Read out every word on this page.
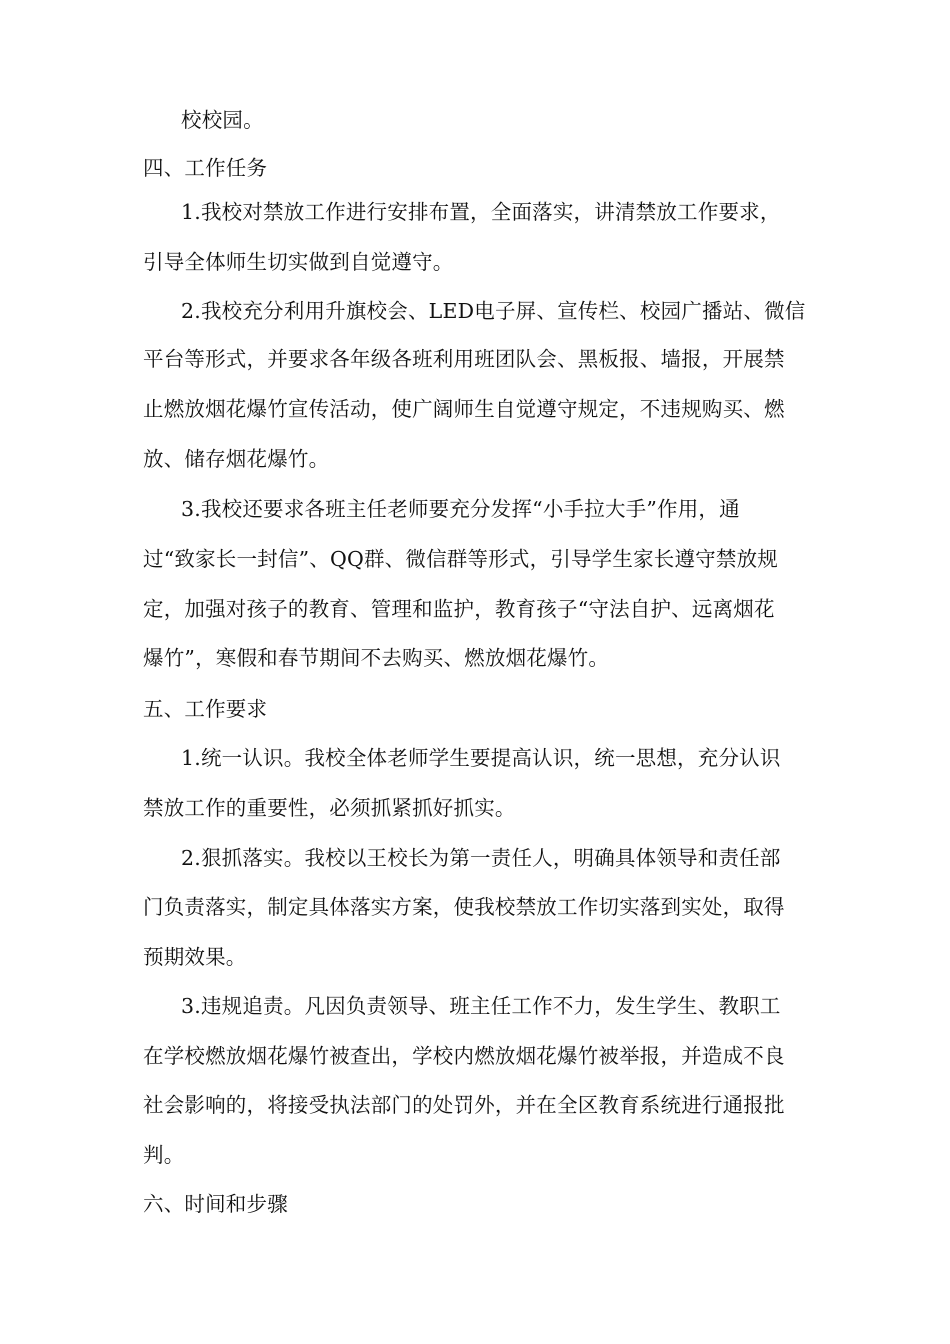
校校园。
四、工作任务
1.我校对禁放工作进行安排布置，全面落实，讲清禁放工作要求，
引导全体师生切实做到自觉遵守。
2.我校充分利用升旗校会、LED电子屏、宣传栏、校园广播站、微信
平台等形式，并要求各年级各班利用班团队会、黑板报、墙报，开展禁
止燃放烟花爆竹宣传活动，使广阔师生自觉遵守规定，不违规购买、燃
放、储存烟花爆竹。
3.我校还要求各班主任老师要充分发挥“小手拉大手”作用，通
过“致家长一封信”、QQ群、微信群等形式，引导学生家长遵守禁放规
定，加强对孩子的教育、管理和监护，教育孩子“守法自护、远离烟花
爆竹”，寒假和春节期间不去购买、燃放烟花爆竹。
五、工作要求
1.统一认识。我校全体老师学生要提高认识，统一思想，充分认识
禁放工作的重要性，必须抓紧抓好抓实。
2.狠抓落实。我校以王校长为第一责任人，明确具体领导和责任部
门负责落实，制定具体落实方案，使我校禁放工作切实落到实处，取得
预期效果。
3.违规追责。凡因负责领导、班主任工作不力，发生学生、教职工
在学校燃放烟花爆竹被查出，学校内燃放烟花爆竹被举报，并造成不良
社会影响的，将接受执法部门的处罚外，并在全区教育系统进行通报批
判。
六、时间和步骤
